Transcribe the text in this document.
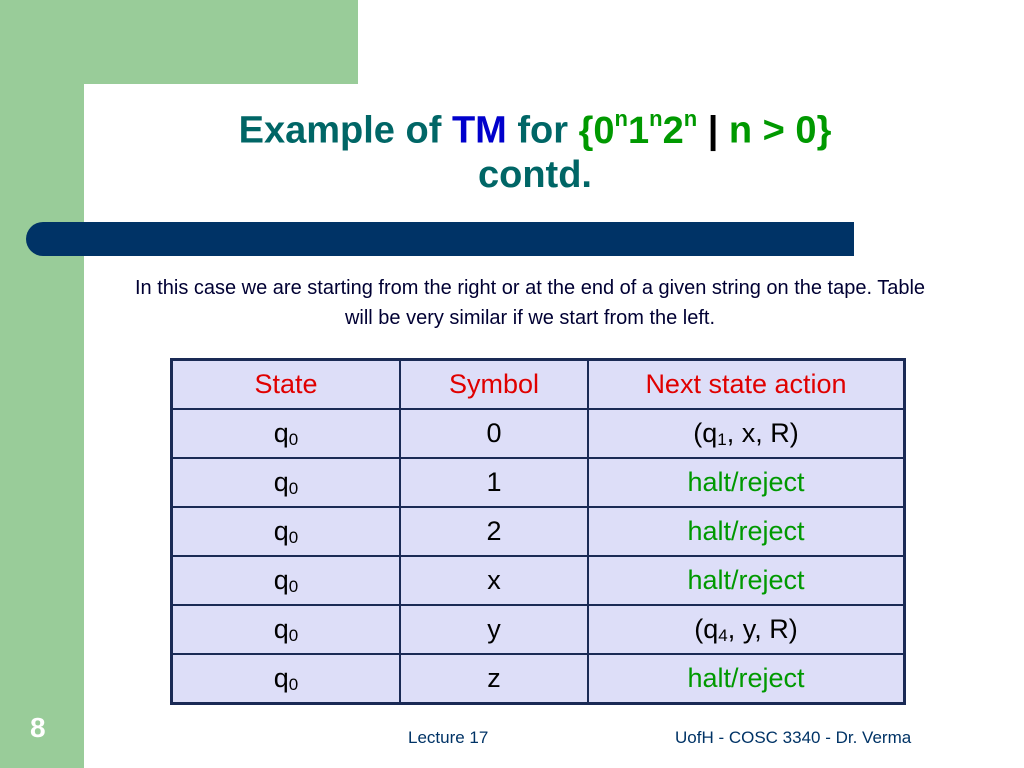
Example of TM for {0$^n$1$^n$2$^n$ | n > 0}
contd.
In this case we are starting from the right or at the end of a given string on the tape. Table will be very similar if we start from the left.
State	Symbol	Next state action
$q_0$	0	($q_1$, x, R)
$q_0$	1	halt/reject
$q_0$	2	halt/reject
$q_0$	x	halt/reject
$q_0$	y	($q_4$, y, R)
$q_0$	z	halt/reject
8	Lecture 17	UofH - COSC 3340 - Dr. Verma
